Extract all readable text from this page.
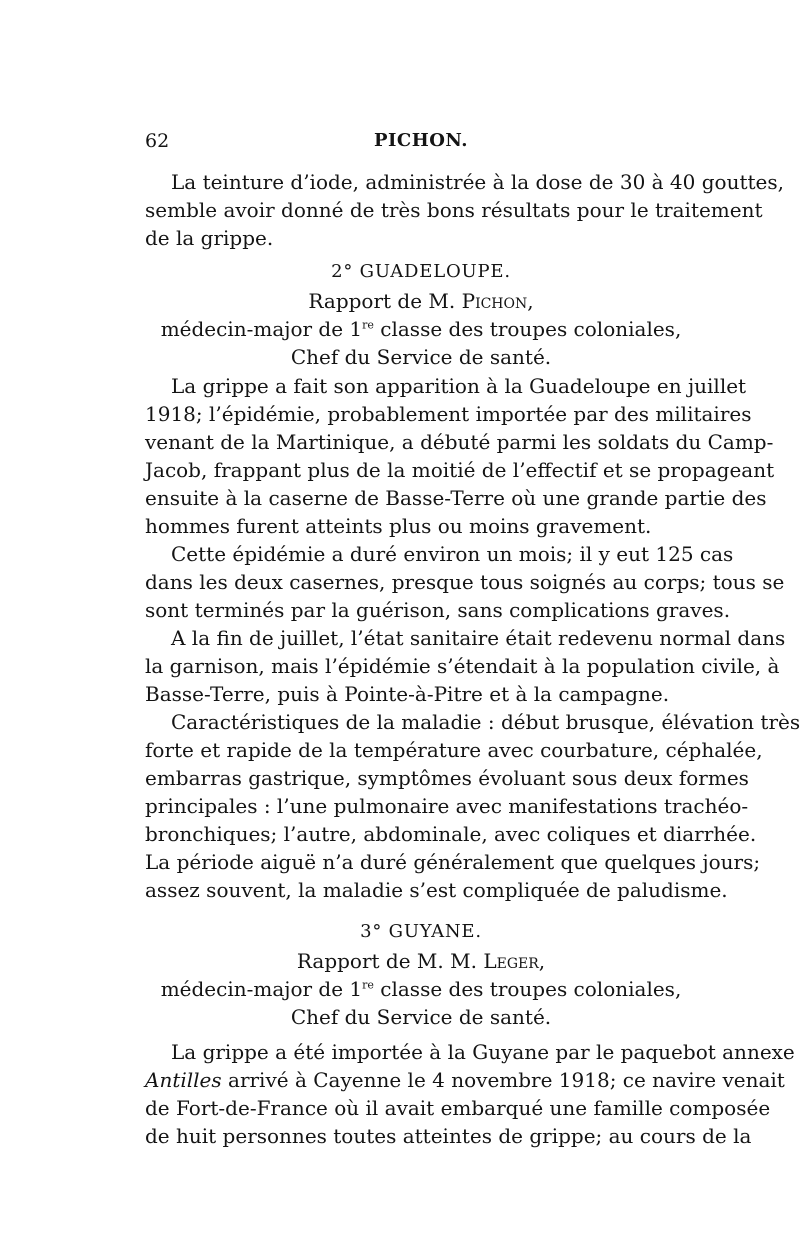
62	PICHON.
La teinture d’iode, administrée à la dose de 30 à 40 gouttes,
semble avoir donné de très bons résultats pour le traitement
de la grippe.
2° GUADELOUPE.
Rapport de M. Pichon,
médecin-major de 1re classe des troupes coloniales,
Chef du Service de santé.
La grippe a fait son apparition à la Guadeloupe en juillet
1918; l’épidémie, probablement importée par des militaires
venant de la Martinique, a débuté parmi les soldats du Camp-
Jacob, frappant plus de la moitié de l’effectif et se propageant
ensuite à la caserne de Basse-Terre où une grande partie des
hommes furent atteints plus ou moins gravement.
Cette épidémie a duré environ un mois; il y eut 125 cas
dans les deux casernes, presque tous soignés au corps; tous se
sont terminés par la guérison, sans complications graves.
A la fin de juillet, l’état sanitaire était redevenu normal dans
la garnison, mais l’épidémie s’étendait à la population civile, à
Basse-Terre, puis à Pointe-à-Pitre et à la campagne.
Caractéristiques de la maladie : début brusque, élévation très
forte et rapide de la température avec courbature, céphalée,
embarras gastrique, symptômes évoluant sous deux formes
principales : l’une pulmonaire avec manifestations trachéo-
bronchiques; l’autre, abdominale, avec coliques et diarrhée.
La période aiguë n’a duré généralement que quelques jours;
assez souvent, la maladie s’est compliquée de paludisme.
3° GUYANE.
Rapport de M. M. Leger,
médecin-major de 1re classe des troupes coloniales,
Chef du Service de santé.
La grippe a été importée à la Guyane par le paquebot annexe
Antilles arrivé à Cayenne le 4 novembre 1918; ce navire venait
de Fort-de-France où il avait embarqué une famille composée
de huit personnes toutes atteintes de grippe; au cours de la
